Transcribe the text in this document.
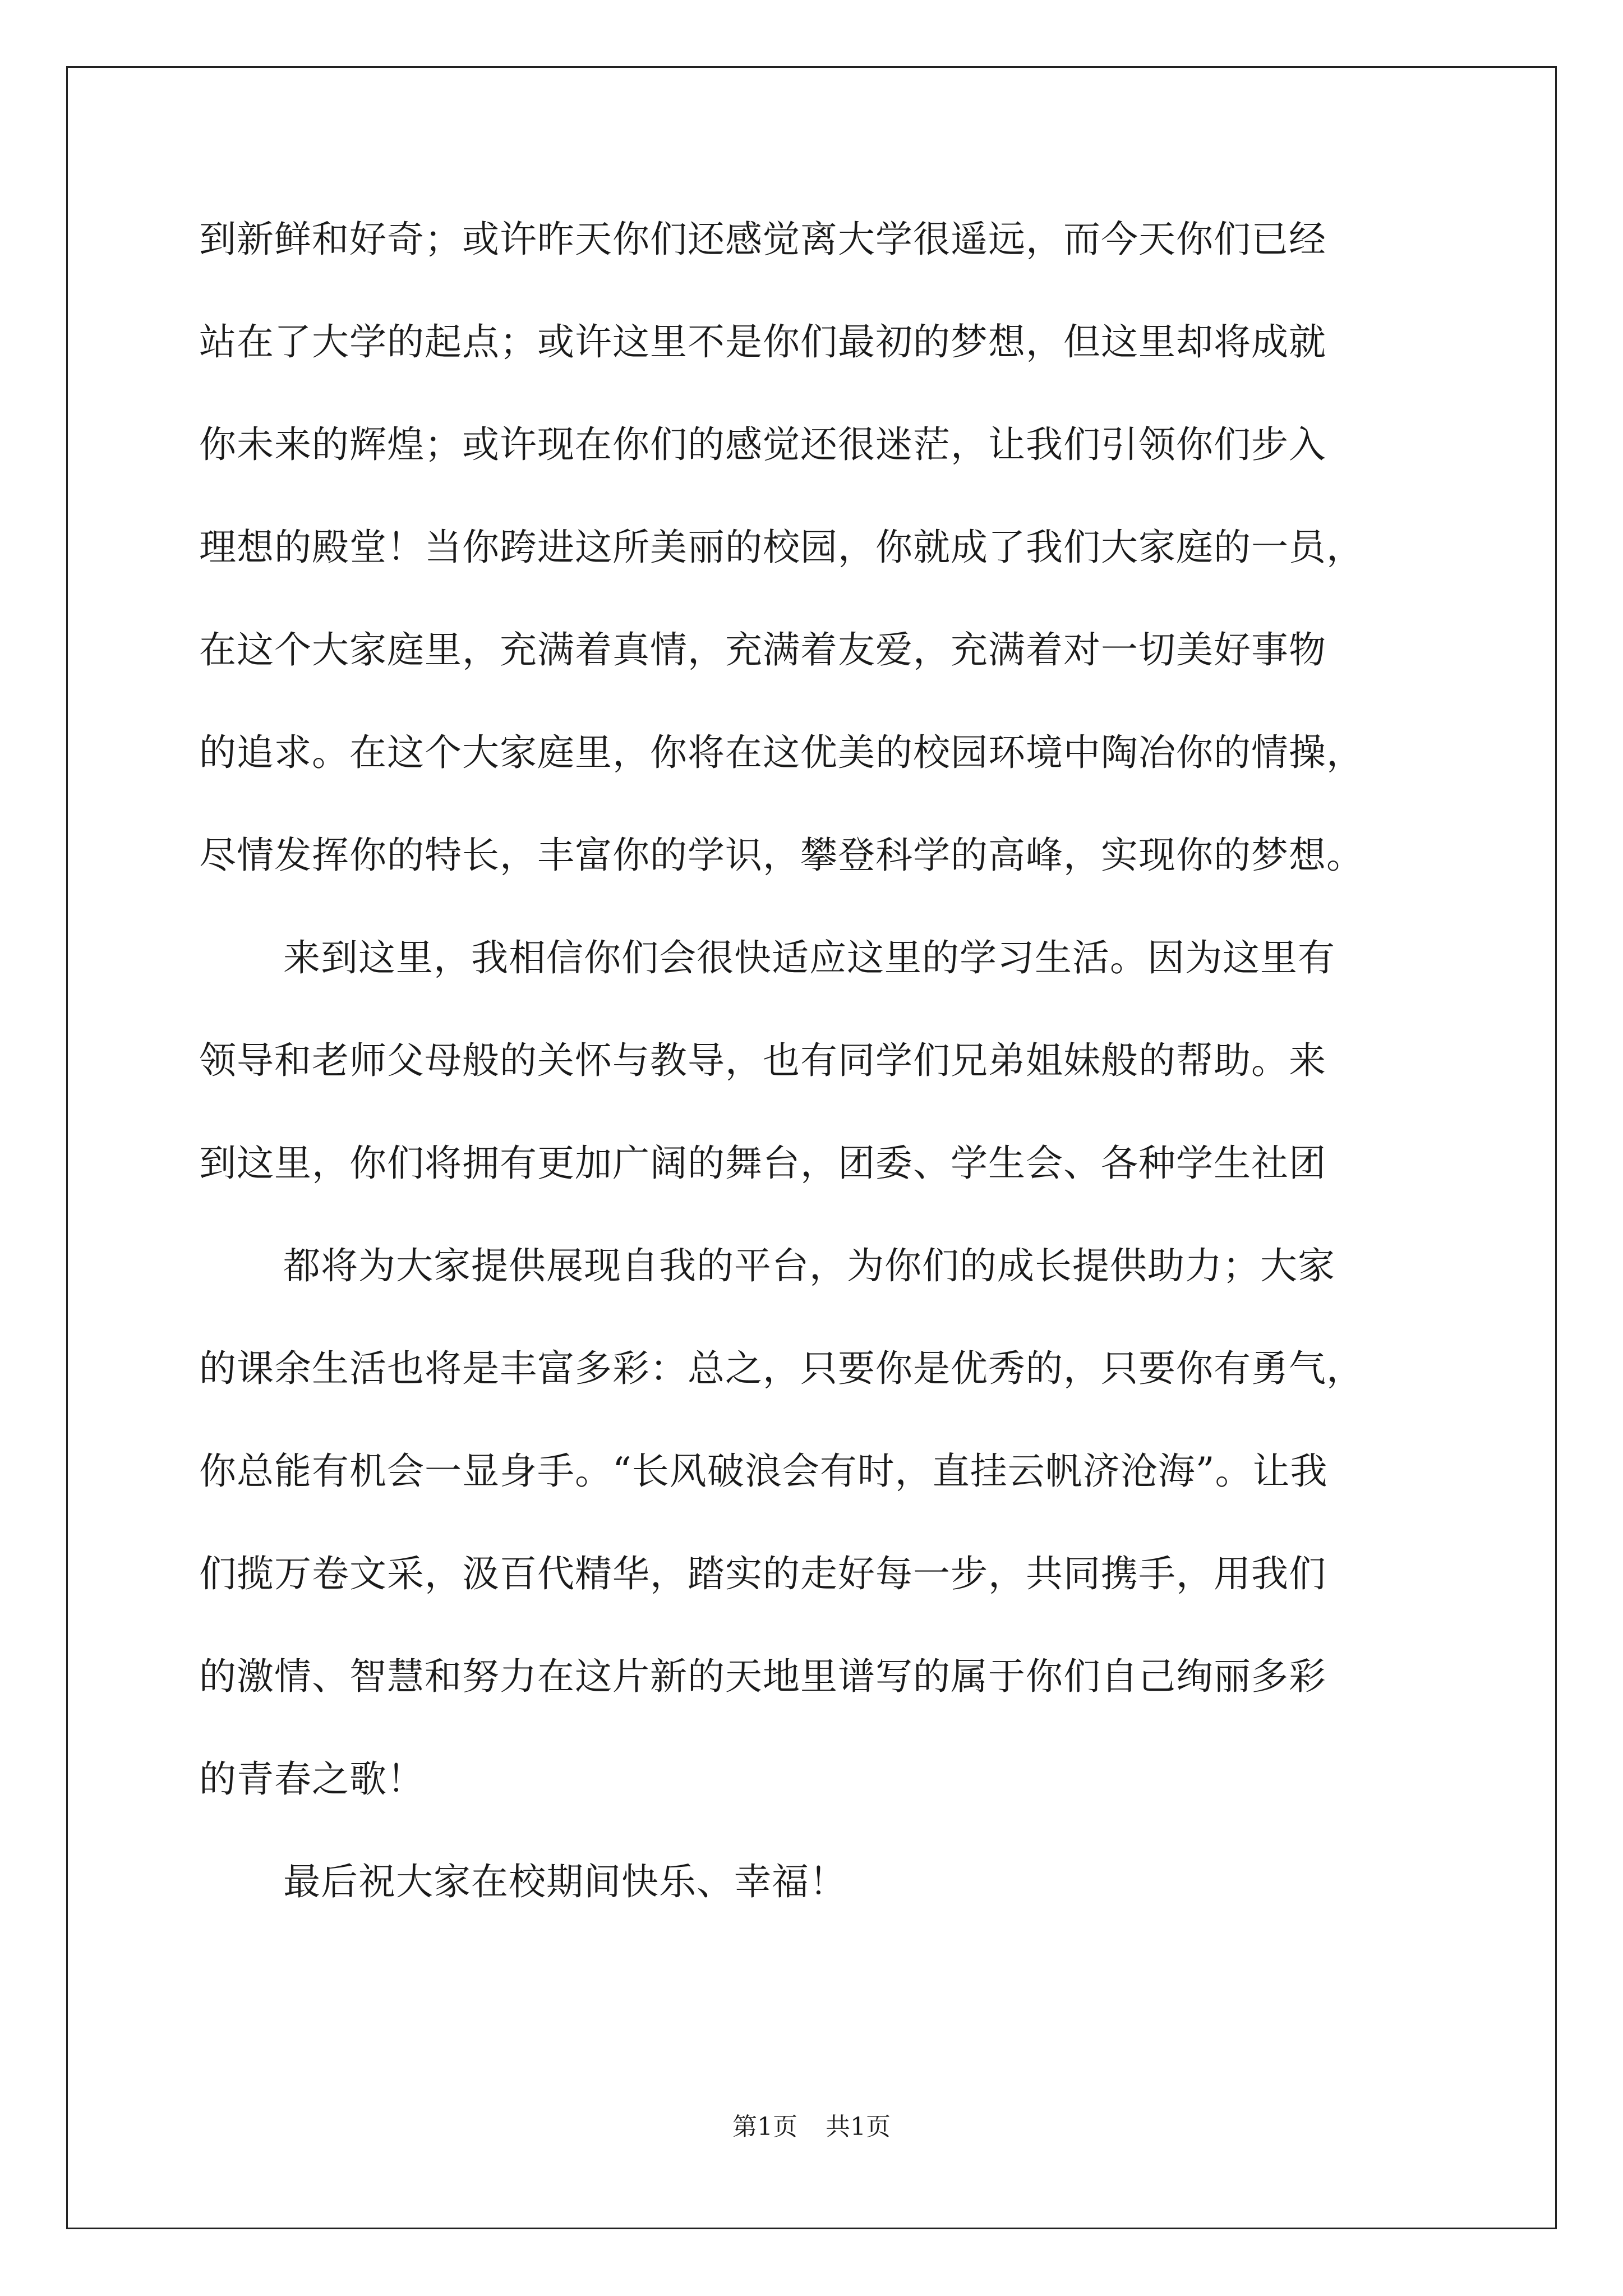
到新鲜和好奇；或许昨天你们还感觉离大学很遥远，而今天你们已经
站在了大学的起点；或许这里不是你们最初的梦想，但这里却将成就
你未来的辉煌；或许现在你们的感觉还很迷茫，让我们引领你们步入
理想的殿堂！当你跨进这所美丽的校园，你就成了我们大家庭的一员，
在这个大家庭里，充满着真情，充满着友爱，充满着对一切美好事物
的追求。在这个大家庭里，你将在这优美的校园环境中陶冶你的情操，
尽情发挥你的特长，丰富你的学识，攀登科学的高峰，实现你的梦想。
来到这里，我相信你们会很快适应这里的学习生活。因为这里有
领导和老师父母般的关怀与教导，也有同学们兄弟姐妹般的帮助。来
到这里，你们将拥有更加广阔的舞台，团委、学生会、各种学生社团
都将为大家提供展现自我的平台，为你们的成长提供助力；大家
的课余生活也将是丰富多彩：总之，只要你是优秀的，只要你有勇气，
你总能有机会一显身手。“长风破浪会有时，直挂云帆济沧海”。让我
们揽万卷文采，汲百代精华，踏实的走好每一步，共同携手，用我们
的激情、智慧和努力在这片新的天地里谱写的属于你们自己绚丽多彩
的青春之歌！
最后祝大家在校期间快乐、幸福！
第1页 共1页
